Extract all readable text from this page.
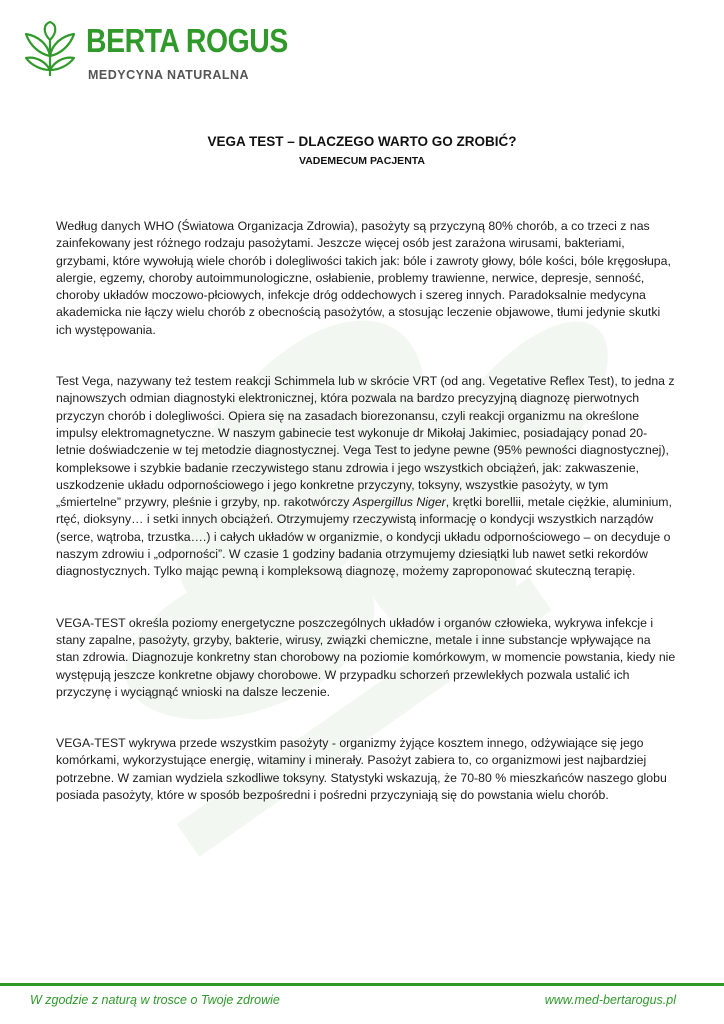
BERTA ROGUS
MEDYCYNA NATURALNA
VEGA TEST – DLACZEGO WARTO GO ZROBIĆ?
VADEMECUM PACJENTA

Według danych WHO (Światowa Organizacja Zdrowia), pasożyty są przyczyną 80% chorób, a co trzeci z nas zainfekowany jest różnego rodzaju pasożytami. Jeszcze więcej osób jest zarażona wirusami, bakteriami, grzybami, które wywołują wiele chorób i dolegliwości takich jak: bóle i zawroty głowy, bóle kości, bóle kręgosłupa, alergie, egzemy, choroby autoimmunologiczne, osłabienie, problemy trawienne, nerwice, depresje, senność, choroby układów moczowo-płciowych, infekcje dróg oddechowych i szereg innych. Paradoksalnie medycyna akademicka nie łączy wielu chorób z obecnością pasożytów, a stosując leczenie objawowe, tłumi jedynie skutki ich występowania.

Test Vega, nazywany też testem reakcji Schimmela lub w skrócie VRT (od ang. Vegetative Reflex Test), to jedna z najnowszych odmian diagnostyki elektronicznej, która pozwala na bardzo precyzyjną diagnozę pierwotnych przyczyn chorób i dolegliwości. Opiera się na zasadach biorezonansu, czyli reakcji organizmu na określone impulsy elektromagnetyczne. W naszym gabinecie test wykonuje dr Mikołaj Jakimiec, posiadający ponad 20-letnie doświadczenie w tej metodzie diagnostycznej. Vega Test to jedyne pewne (95% pewności diagnostycznej), kompleksowe i szybkie badanie rzeczywistego stanu zdrowia i jego wszystkich obciążeń, jak: zakwaszenie, uszkodzenie układu odpornościowego i jego konkretne przyczyny, toksyny, wszystkie pasożyty, w tym „śmiertelne” przywry, pleśnie i grzyby, np. rakotwórczy Aspergillus Niger, krętki borellii, metale ciężkie, aluminium, rtęć, dioksyny… i setki innych obciążeń. Otrzymujemy rzeczywistą informację o kondycji wszystkich narządów (serce, wątroba, trzustka….) i całych układów w organizmie, o kondycji układu odpornościowego – on decyduje o naszym zdrowiu i „odporności”. W czasie 1 godziny badania otrzymujemy dziesiątki lub nawet setki rekordów diagnostycznych. Tylko mając pewną i kompleksową diagnozę, możemy zaproponować skuteczną terapię.

VEGA-TEST określa poziomy energetyczne poszczególnych układów i organów człowieka, wykrywa infekcje i stany zapalne, pasożyty, grzyby, bakterie, wirusy, związki chemiczne, metale i inne substancje wpływające na stan zdrowia. Diagnozuje konkretny stan chorobowy na poziomie komórkowym, w momencie powstania, kiedy nie występują jeszcze konkretne objawy chorobowe. W przypadku schorzeń przewlekłych pozwala ustalić ich przyczynę i wyciągnąć wnioski na dalsze leczenie.

VEGA-TEST wykrywa przede wszystkim pasożyty - organizmy żyjące kosztem innego, odżywiające się jego komórkami, wykorzystujące energię, witaminy i minerały. Pasożyt zabiera to, co organizmowi jest najbardziej potrzebne. W zamian wydziela szkodliwe toksyny. Statystyki wskazują, że 70-80 % mieszkańców naszego globu posiada pasożyty, które w sposób bezpośredni i pośredni przyczyniają się do powstania wielu chorób.

W zgodzie z naturą w trosce o Twoje zdrowie	www.med-bertarogus.pl
